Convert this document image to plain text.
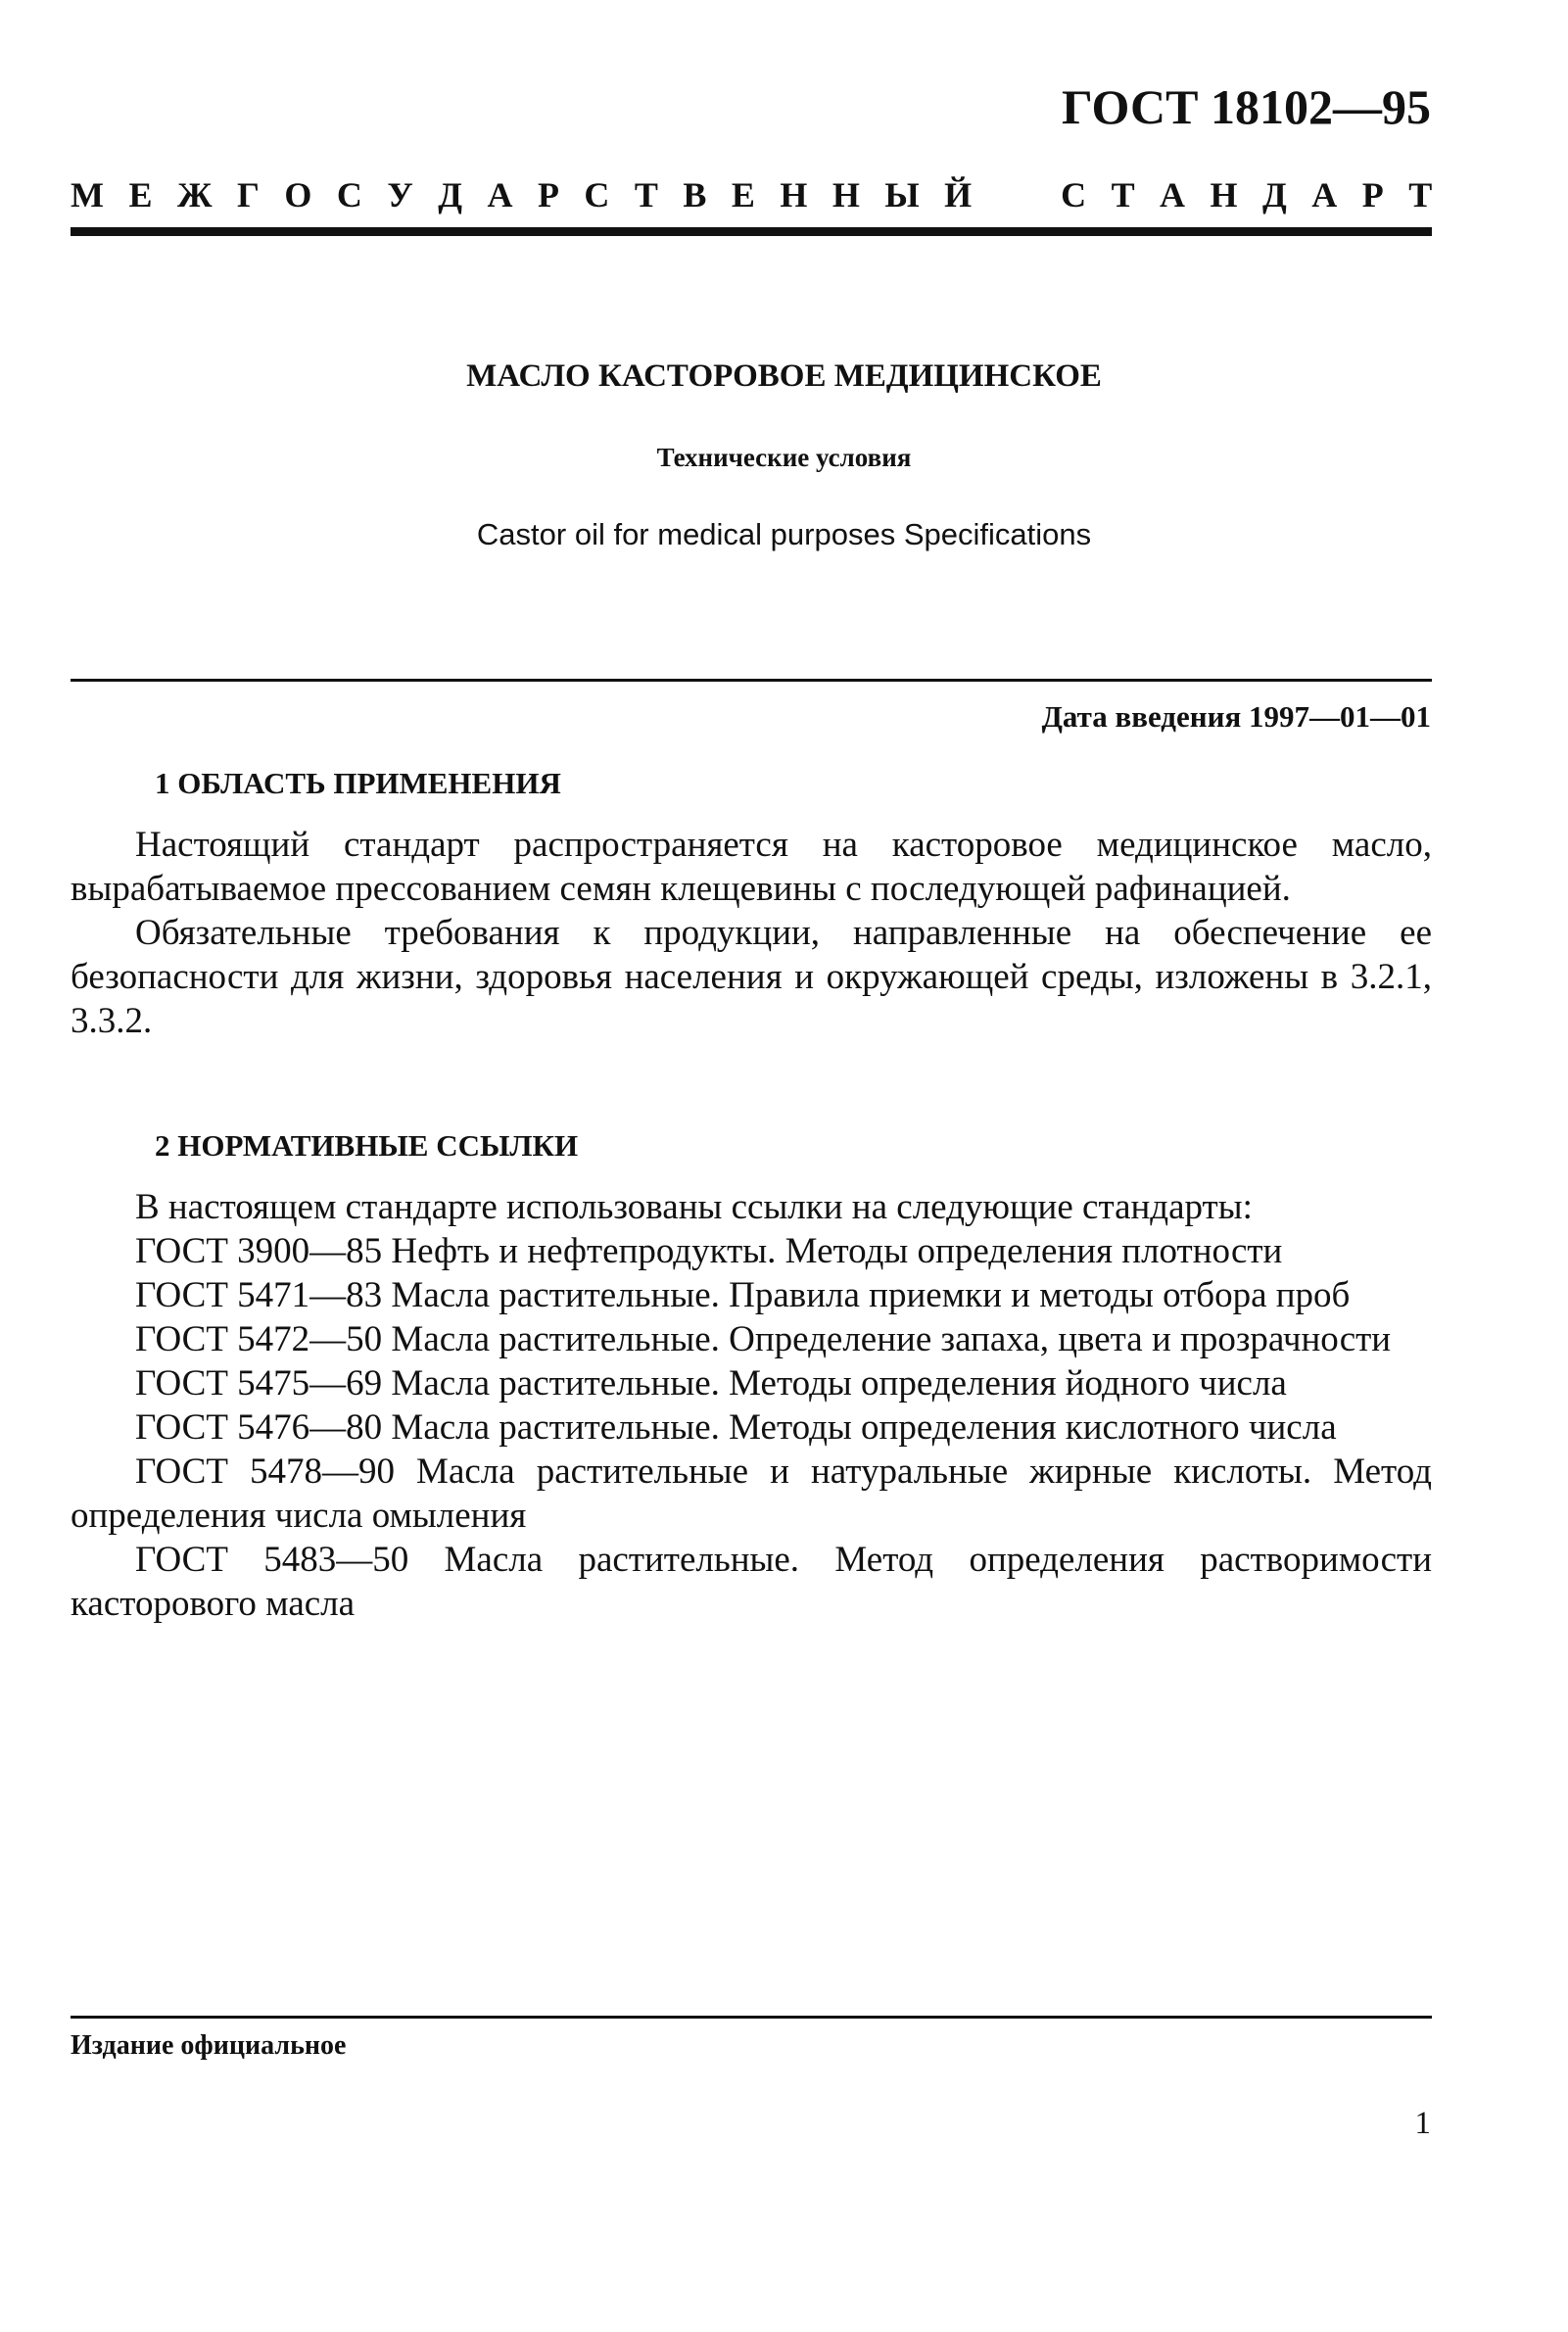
ГОСТ 18102—95
М Е Ж Г О С У Д А Р С Т В Е Н Н Ы Й	С Т А Н Д А Р Т
МАСЛО КАСТОРОВОЕ МЕДИЦИНСКОЕ
Технические условия
Castor oil for medical purposes Specifications
Дата введения 1997—01—01
1 ОБЛАСТЬ ПРИМЕНЕНИЯ

Настоящий стандарт распространяется на касторовое медицинское масло, вырабатываемое прессованием семян клещевины с последующей рафинацией.

Обязательные требования к продукции, направленные на обеспечение ее безопасности для жизни, здоровья населения и окружающей среды, изложены в 3.2.1, 3.3.2.

2 НОРМАТИВНЫЕ ССЫЛКИ

В настоящем стандарте использованы ссылки на следующие стандарты:

ГОСТ 3900—85 Нефть и нефтепродукты. Методы определения плотности

ГОСТ 5471—83 Масла растительные. Правила приемки и методы отбора проб

ГОСТ 5472—50 Масла растительные. Определение запаха, цвета и прозрачности

ГОСТ 5475—69 Масла растительные. Методы определения йодного числа

ГОСТ 5476—80 Масла растительные. Методы определения кислотного числа

ГОСТ 5478—90 Масла растительные и натуральные жирные кислоты. Метод определения числа омыления

ГОСТ 5483—50 Масла растительные. Метод определения растворимости касторового масла

Издание официальное
1
